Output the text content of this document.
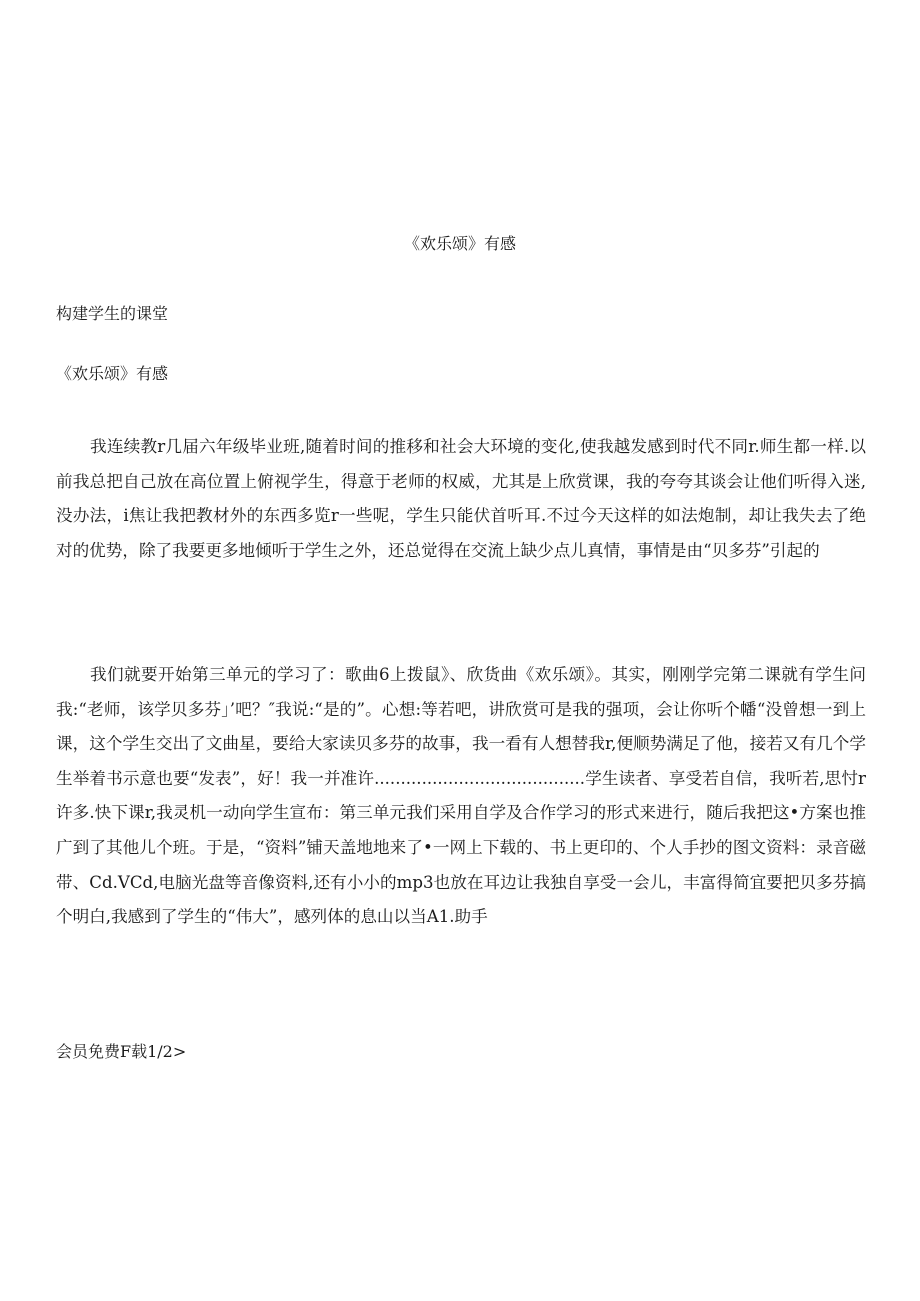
《欢乐颂》有感
构建学生的课堂
《欢乐颂》有感

我连续教r几届六年级毕业班,随着时间的推移和社会大环境的变化,使我越发感到时代不同r.师生都一样.以前我总把自己放在高位置上俯视学生，得意于老师的权威，尤其是上欣赏课，我的夸夸其谈会让他们听得入迷,没办法，i焦让我把教材外的东西多览r一些呢，学生只能伏首听耳.不过今天这样的如法炮制，却让我失去了绝对的优势，除了我要更多地倾听于学生之外，还总觉得在交流上缺少点儿真情，事情是由“贝多芬”引起的

我们就要开始第三单元的学习了：歌曲6上拨鼠》、欣货曲《欢乐颂》。其实，刚刚学完第二课就有学生问我:“老师，该学贝多芬」’吧？″我说:“是的”。心想:等若吧，讲欣赏可是我的强项，会让你听个幡“没曾想一到上课，这个学生交出了文曲星，要给大家读贝多芬的故事，我一看有人想替我r,便顺势满足了他，接若又有几个学生举着书示意也要“发表”，好！我一并准许........................................学生读者、享受若自信，我听若,思忖r许多.快下课r,我灵机一动向学生宣布：第三单元我们采用自学及合作学习的形式来进行，随后我把这•方案也推广到了其他儿个班。于是，“资料”铺天盖地地来了•一网上下载的、书上更印的、个人手抄的图文资料：录音磁带、Cd.VCd,电脑光盘等音像资料,还有小小的mp3也放在耳边让我独自享受一会儿，丰富得简宜要把贝多芬搞个明白,我感到了学生的“伟大”，感列体的息山以当A1.助手

会员免费F载1/2>
